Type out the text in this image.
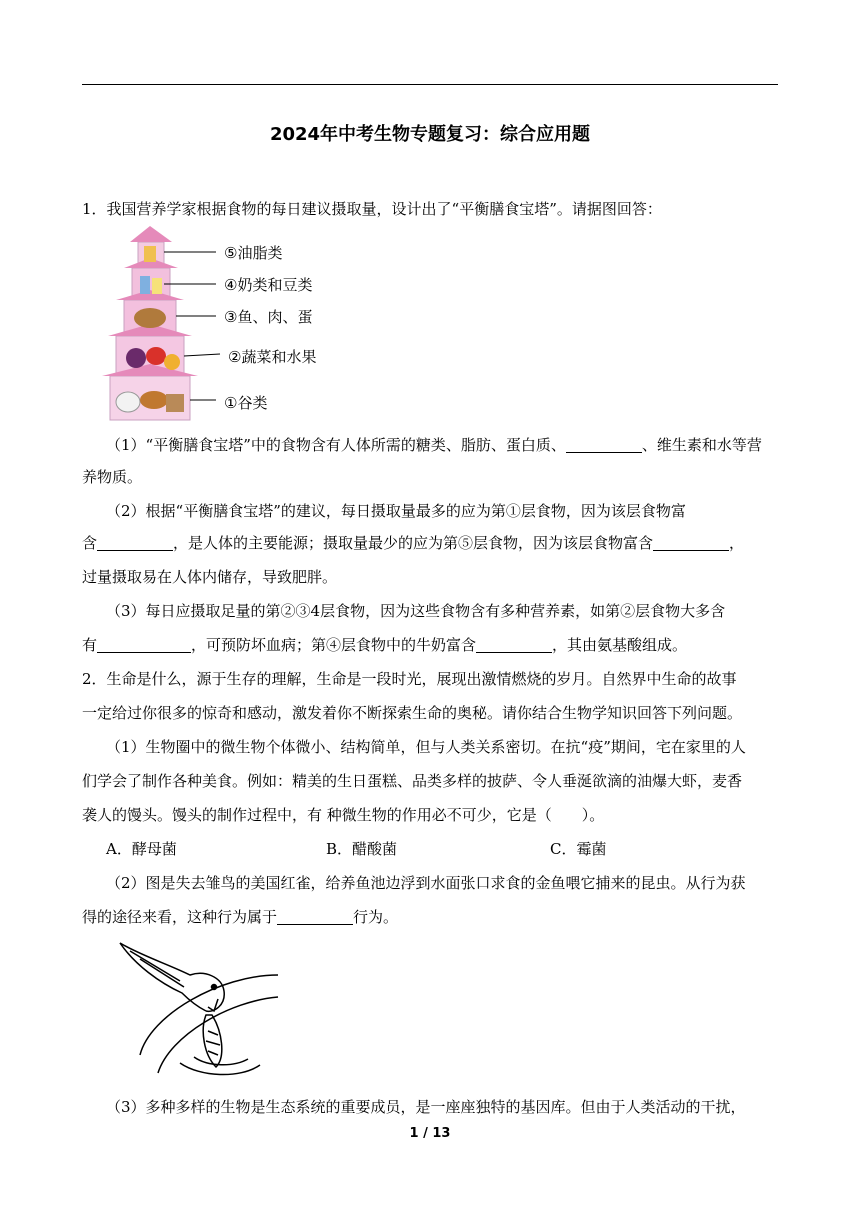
2024年中考生物专题复习：综合应用题
1．我国营养学家根据食物的每日建议摄取量，设计出了“平衡膳食宝塔”。请据图回答：
⑤油脂类
④奶类和豆类
③鱼、肉、蛋
②蔬菜和水果
①谷类
（1）“平衡膳食宝塔”中的食物含有人体所需的糖类、脂肪、蛋白质、	、维生素和水等营
养物质。
（2）根据“平衡膳食宝塔”的建议，每日摄取量最多的应为第①层食物，因为该层食物富
含	，是人体的主要能源；摄取量最少的应为第⑤层食物，因为该层食物富含	，
过量摄取易在人体内储存，导致肥胖。
（3）每日应摄取足量的第②③4层食物，因为这些食物含有多种营养素，如第②层食物大多含
有	，可预防坏血病；第④层食物中的牛奶富含	，其由氨基酸组成。
2．生命是什么，源于生存的理解，生命是一段时光，展现出激情燃烧的岁月。自然界中生命的故事
一定给过你很多的惊奇和感动，激发着你不断探索生命的奥秘。请你结合生物学知识回答下列问题。
（1）生物圈中的微生物个体微小、结构简单，但与人类关系密切。在抗“疫”期间，宅在家里的人
们学会了制作各种美食。例如：精美的生日蛋糕、品类多样的披萨、令人垂涎欲滴的油爆大虾，麦香
袭人的馒头。馒头的制作过程中，有 种微生物的作用必不可少，它是（　　）。
A．酵母菌	B．醋酸菌	C．霉菌
（2）图是失去雏鸟的美国红雀，给养鱼池边浮到水面张口求食的金鱼喂它捕来的昆虫。从行为获
得的途径来看，这种行为属于	行为。
（3）多种多样的生物是生态系统的重要成员，是一座座独特的基因库。但由于人类活动的干扰，
1 / 13
